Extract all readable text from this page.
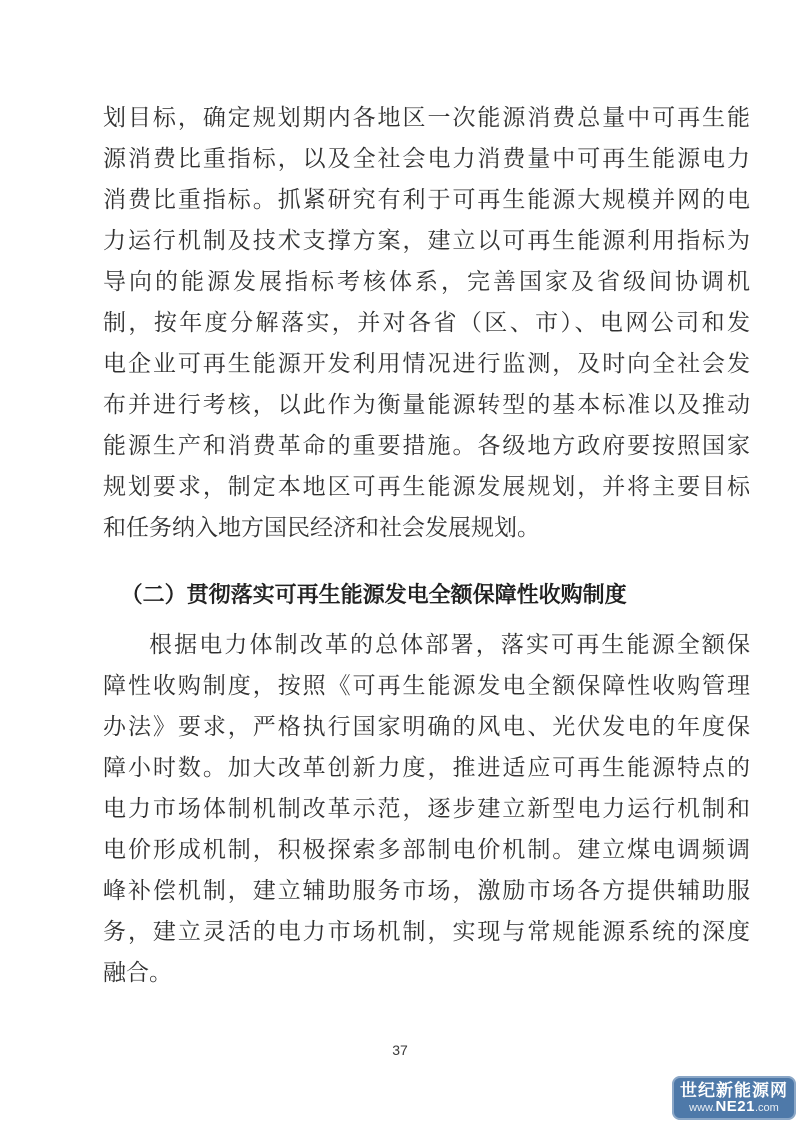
划目标，确定规划期内各地区一次能源消费总量中可再生能
源消费比重指标，以及全社会电力消费量中可再生能源电力
消费比重指标。抓紧研究有利于可再生能源大规模并网的电
力运行机制及技术支撑方案，建立以可再生能源利用指标为
导向的能源发展指标考核体系，完善国家及省级间协调机
制，按年度分解落实，并对各省（区、市）、电网公司和发
电企业可再生能源开发利用情况进行监测，及时向全社会发
布并进行考核，以此作为衡量能源转型的基本标准以及推动
能源生产和消费革命的重要措施。各级地方政府要按照国家
规划要求，制定本地区可再生能源发展规划，并将主要目标
和任务纳入地方国民经济和社会发展规划。
（二）贯彻落实可再生能源发电全额保障性收购制度
根据电力体制改革的总体部署，落实可再生能源全额保
障性收购制度，按照《可再生能源发电全额保障性收购管理
办法》要求，严格执行国家明确的风电、光伏发电的年度保
障小时数。加大改革创新力度，推进适应可再生能源特点的
电力市场体制机制改革示范，逐步建立新型电力运行机制和
电价形成机制，积极探索多部制电价机制。建立煤电调频调
峰补偿机制，建立辅助服务市场，激励市场各方提供辅助服
务，建立灵活的电力市场机制，实现与常规能源系统的深度
融合。
37
世纪新能源网
www.NE21.com
